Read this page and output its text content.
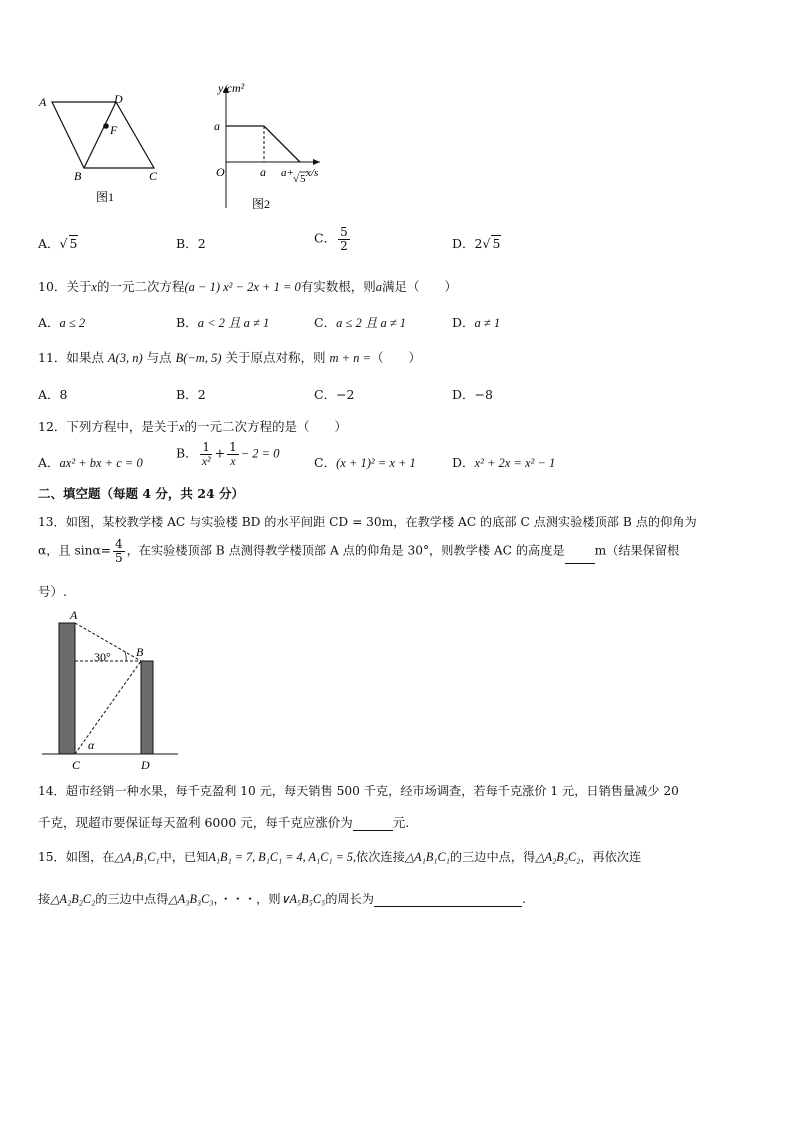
A	D
F
B	C
图1
y/cm²
a
O	a a+ √ 5 x/s
图2
A．√ 5	B．2	C． $\frac{5}{2}$	D．2√ 5
10．关于x的一元二次方程(a − 1) x² − 2x + 1 = 0有实数根，则a满足（　　）
A．a ≤ 2	B．a < 2 且 a ≠ 1	C．a ≤ 2 且 a ≠ 1	D．a ≠ 1
11．如果点 A(3, n) 与点 B(−m, 5) 关于原点对称，则 m + n =（　　）
A．8	B．2	C．−2	D．−8
12．下列方程中，是关于x的一元二次方程的是（　　）
A．ax² + bx + c = 0
B． $\frac{1}{\text{x²}} + \frac{1}{x} - 2 = 0$
C．(x + 1)² = x + 1	D．x² + 2x = x² − 1
二、填空题（每题 4 分，共 24 分）
13．如图，某校教学楼 AC 与实验楼 BD 的水平间距 CD = 30m，在教学楼 AC 的底部 C 点测实验楼顶部 B 点的仰角为
α，且 $\sin\alpha= \frac{4}{5}$ ，在实验楼顶部 B 点测得教学楼顶部 A 点的仰角是 30°，则教学楼 AC 的高度是 m（结果保留根
号）.
A
B
30°
α
C	D
14．超市经销一种水果，每千克盈利 10 元，每天销售 500 千克，经市场调查，若每千克涨价 1 元，日销售量减少 20
千克，现超市要保证每天盈利 6000 元，每千克应涨价为	元.
15．如图，在△A₁B₁C₁中，已知A₁B₁ = 7, B₁C₁ = 4, A₁C₁ = 5,依次连接△A₁B₁C₁的三边中点，得△A₂B₂C₂，再依次连
接△A₂B₂C₂的三边中点得△A₃B₃C₃，・・・，则∨A₅B₅C₅的周长为	.
